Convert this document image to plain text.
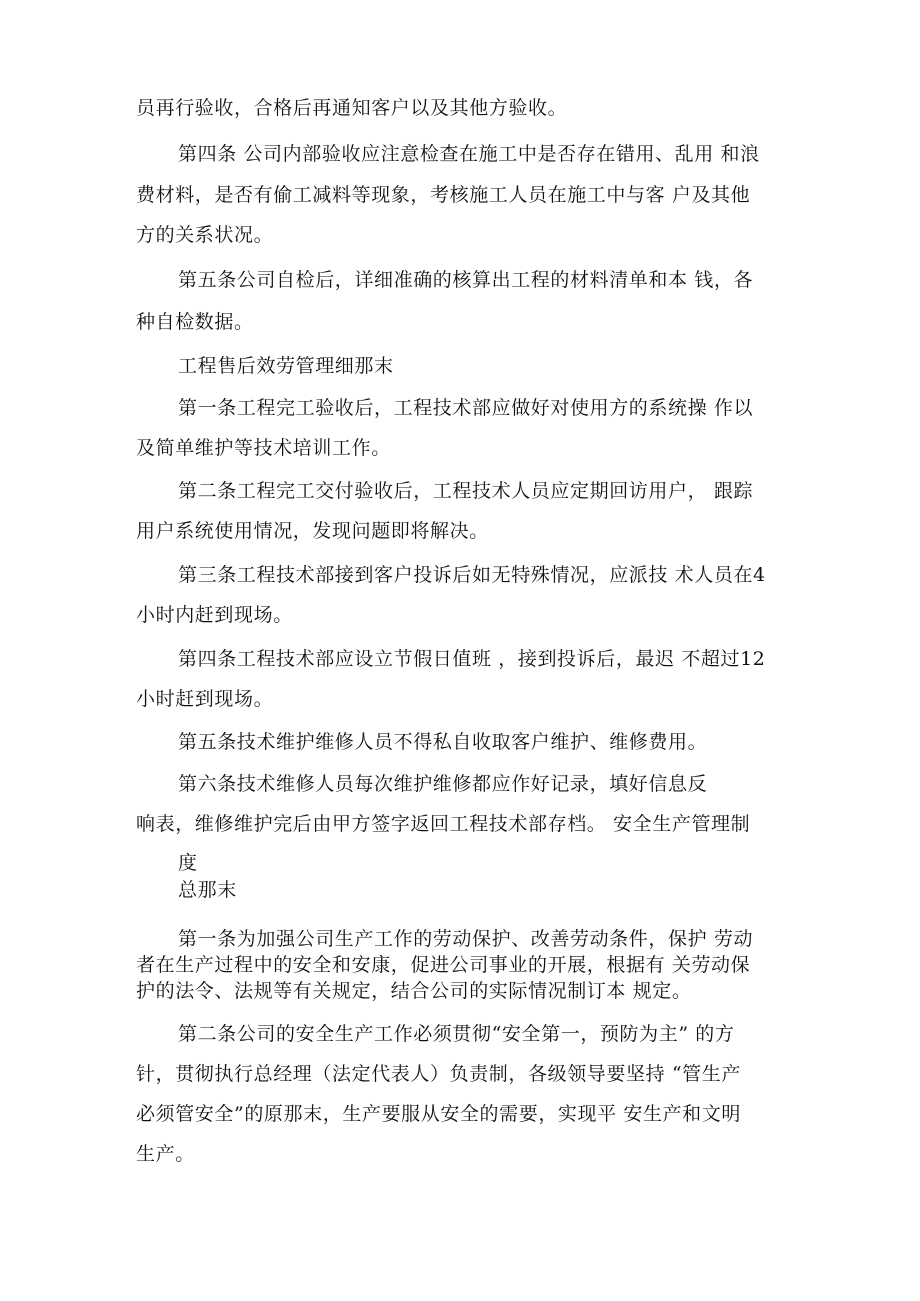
员再行验收，合格后再通知客户以及其他方验收。
第四条 公司内部验收应注意检查在施工中是否存在错用、乱用 和浪
费材料，是否有偷工减料等现象，考核施工人员在施工中与客 户及其他
方的关系状况。
第五条公司自检后，详细准确的核算出工程的材料清单和本 钱，各
种自检数据。
工程售后效劳管理细那末
第一条工程完工验收后，工程技术部应做好对使用方的系统操 作以
及简单维护等技术培训工作。
第二条工程完工交付验收后，工程技术人员应定期回访用户， 跟踪
用户系统使用情况，发现问题即将解决。
第三条工程技术部接到客户投诉后如无特殊情况，应派技 术人员在4
小时内赶到现场。
第四条工程技术部应设立节假日值班 ，接到投诉后，最迟 不超过12
小时赶到现场。
第五条技术维护维修人员不得私自收取客户维护、维修费用。
第六条技术维修人员每次维护维修都应作好记录，填好信息反
响表，维修维护完后由甲方签字返回工程技术部存档。 安全生产管理制
度
总那末
第一条为加强公司生产工作的劳动保护、改善劳动条件，保护 劳动
者在生产过程中的安全和安康，促进公司事业的开展，根据有 关劳动保
护的法令、法规等有关规定，结合公司的实际情况制订本 规定。
第二条公司的安全生产工作必须贯彻“安全第一，预防为主” 的方
针，贯彻执行总经理（法定代表人）负责制，各级领导要坚持 “管生产
必须管安全”的原那末，生产要服从安全的需要，实现平 安生产和文明
生产。
